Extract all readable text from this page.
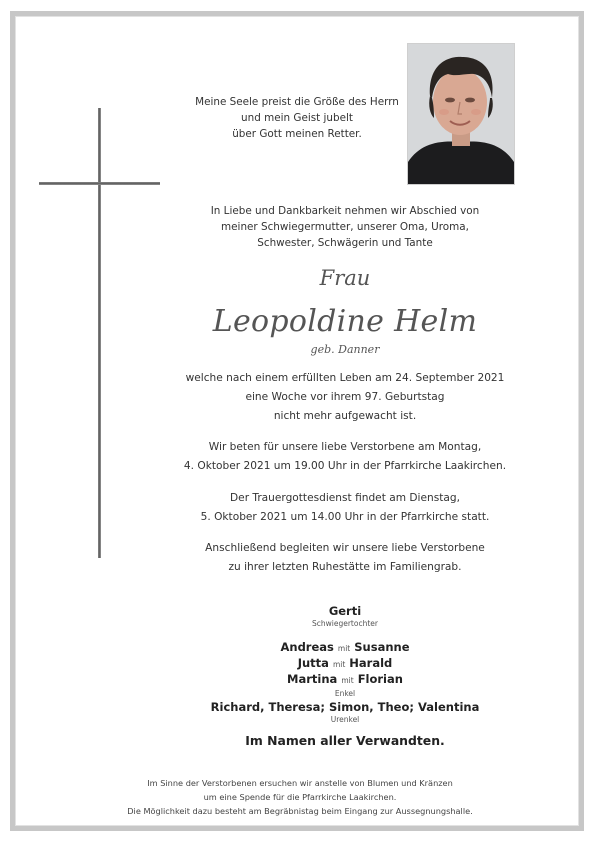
Meine Seele preist die Größe des Herrn
und mein Geist jubelt
über Gott meinen Retter.
In Liebe und Dankbarkeit nehmen wir Abschied von
meiner Schwiegermutter, unserer Oma, Uroma,
Schwester, Schwägerin und Tante
Frau
Leopoldine Helm
geb. Danner
welche nach einem erfüllten Leben am 24. September 2021
eine Woche vor ihrem 97. Geburtstag
nicht mehr aufgewacht ist.
Wir beten für unsere liebe Verstorbene am Montag,
4. Oktober 2021 um 19.00 Uhr in der Pfarrkirche Laakirchen.
Der Trauergottesdienst findet am Dienstag,
5. Oktober 2021 um 14.00 Uhr in der Pfarrkirche statt.
Anschließend begleiten wir unsere liebe Verstorbene
zu ihrer letzten Ruhestätte im Familiengrab.
Gerti
Schwiegertochter
Andreas mit Susanne
Jutta mit Harald
Martina mit Florian
Enkel
Richard, Theresa; Simon, Theo; Valentina
Urenkel
Im Namen aller Verwandten.
Im Sinne der Verstorbenen ersuchen wir anstelle von Blumen und Kränzen
um eine Spende für die Pfarrkirche Laakirchen.
Die Möglichkeit dazu besteht am Begräbnistag beim Eingang zur Aussegnungshalle.
